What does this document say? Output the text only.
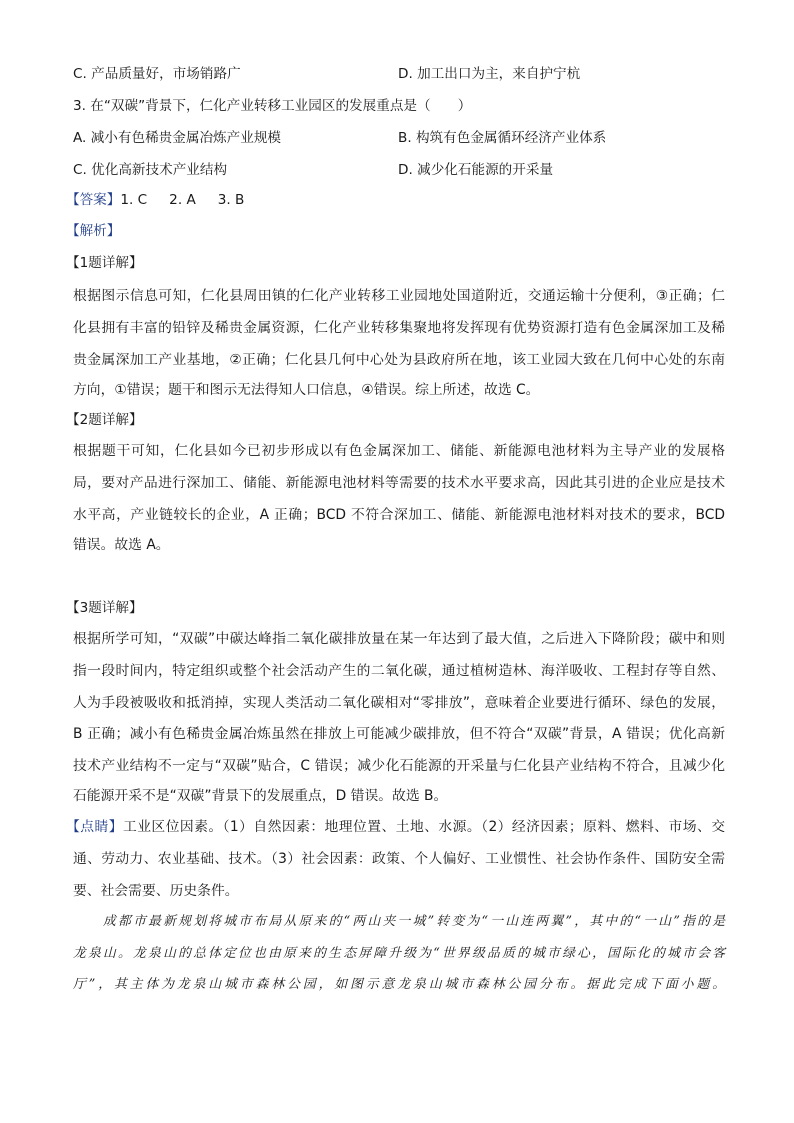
C. 产品质量好，市场销路广	D. 加工出口为主，来自护宁杭
3. 在“双碳”背景下，仁化产业转移工业园区的发展重点是（　　）
A. 减小有色稀贵金属冶炼产业规模	B. 构筑有色金属循环经济产业体系
C. 优化高新技术产业结构	D. 减少化石能源的开采量
【答案】1. C 2. A 3. B
【解析】
【1题详解】
根据图示信息可知，仁化县周田镇的仁化产业转移工业园地处国道附近，交通运输十分便利，③正确；仁
化县拥有丰富的铅锌及稀贵金属资源，仁化产业转移集聚地将发挥现有优势资源打造有色金属深加工及稀
贵金属深加工产业基地，②正确；仁化县几何中心处为县政府所在地，该工业园大致在几何中心处的东南
方向，①错误；题干和图示无法得知人口信息，④错误。综上所述，故选 C。
【2题详解】
根据题干可知，仁化县如今已初步形成以有色金属深加工、储能、新能源电池材料为主导产业的发展格
局，要对产品进行深加工、储能、新能源电池材料等需要的技术水平要求高，因此其引进的企业应是技术
水平高，产业链较长的企业，A 正确；BCD 不符合深加工、储能、新能源电池材料对技术的要求，BCD
错误。故选 A。
【3题详解】
根据所学可知，“双碳”中碳达峰指二氧化碳排放量在某一年达到了最大值，之后进入下降阶段；碳中和则
指一段时间内，特定组织或整个社会活动产生的二氧化碳，通过植树造林、海洋吸收、工程封存等自然、
人为手段被吸收和抵消掉，实现人类活动二氧化碳相对“零排放”，意味着企业要进行循环、绿色的发展，
B 正确；减小有色稀贵金属冶炼虽然在排放上可能减少碳排放，但不符合“双碳”背景，A 错误；优化高新
技术产业结构不一定与“双碳”贴合，C 错误；减少化石能源的开采量与仁化县产业结构不符合，且减少化
石能源开采不是“双碳”背景下的发展重点，D 错误。故选 B。
【点睛】工业区位因素。（1）自然因素：地理位置、土地、水源。（2）经济因素；原料、燃料、市场、交
通、劳动力、农业基础、技术。（3）社会因素：政策、个人偏好、工业惯性、社会协作条件、国防安全需
要、社会需要、历史条件。
成都市最新规划将城市布局从原来的“两山夹一城”转变为“一山连两翼”，其中的“一山”指的是
龙泉山。龙泉山的总体定位也由原来的生态屏障升级为“世界级品质的城市绿心，国际化的城市会客
厅”，其主体为龙泉山城市森林公园，如图示意龙泉山城市森林公园分布。据此完成下面小题。
